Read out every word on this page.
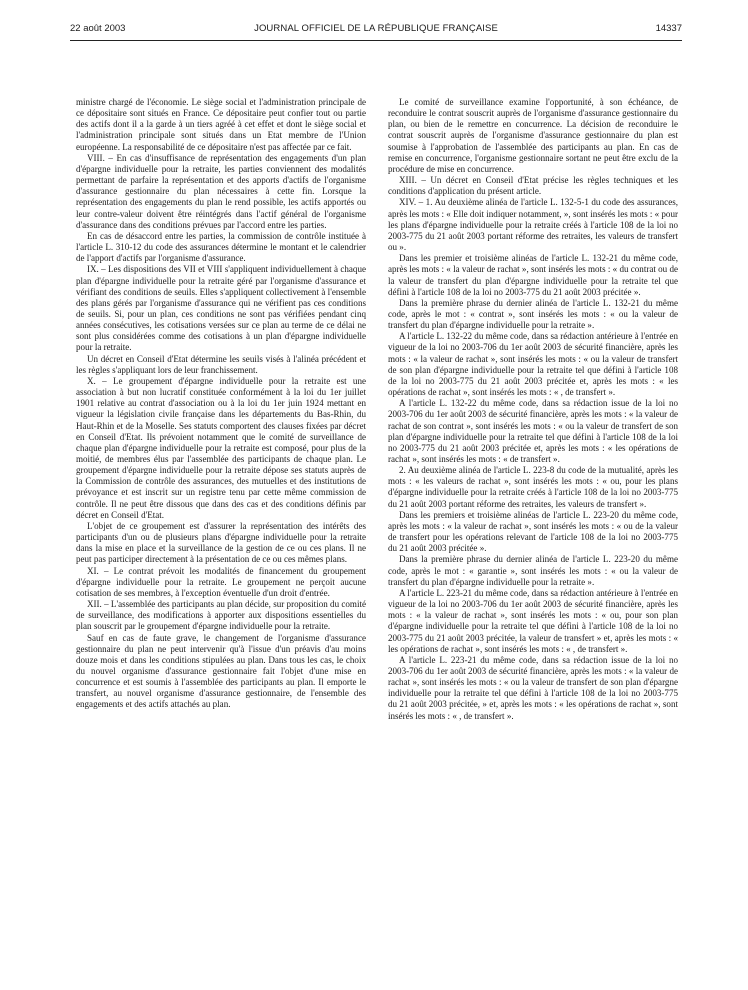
22 août 2003	JOURNAL OFFICIEL DE LA RÉPUBLIQUE FRANÇAISE	14337

ministre chargé de l'économie. Le siège social et l'administration principale de ce dépositaire sont situés en France. Ce dépositaire peut confier tout ou partie des actifs dont il a la garde à un tiers agréé à cet effet et dont le siège social et l'administration principale sont situés dans un Etat membre de l'Union européenne. La responsabilité de ce dépositaire n'est pas affectée par ce fait.

VIII. – En cas d'insuffisance de représentation des engagements d'un plan d'épargne individuelle pour la retraite, les parties conviennent des modalités permettant de parfaire la représentation et des apports d'actifs de l'organisme d'assurance gestionnaire du plan nécessaires à cette fin. Lorsque la représentation des engagements du plan le rend possible, les actifs apportés ou leur contre-valeur doivent être réintégrés dans l'actif général de l'organisme d'assurance dans des conditions prévues par l'accord entre les parties.

En cas de désaccord entre les parties, la commission de contrôle instituée à l'article L. 310-12 du code des assurances détermine le montant et le calendrier de l'apport d'actifs par l'organisme d'assurance.

IX. – Les dispositions des VII et VIII s'appliquent individuellement à chaque plan d'épargne individuelle pour la retraite géré par l'organisme d'assurance et vérifiant des conditions de seuils. Elles s'appliquent collectivement à l'ensemble des plans gérés par l'organisme d'assurance qui ne vérifient pas ces conditions de seuils. Si, pour un plan, ces conditions ne sont pas vérifiées pendant cinq années consécutives, les cotisations versées sur ce plan au terme de ce délai ne sont plus considérées comme des cotisations à un plan d'épargne individuelle pour la retraite.

Un décret en Conseil d'Etat détermine les seuils visés à l'alinéa précédent et les règles s'appliquant lors de leur franchissement.

X. – Le groupement d'épargne individuelle pour la retraite est une association à but non lucratif constituée conformément à la loi du 1er juillet 1901 relative au contrat d'association ou à la loi du 1er juin 1924 mettant en vigueur la législation civile française dans les départements du Bas-Rhin, du Haut-Rhin et de la Moselle. Ses statuts comportent des clauses fixées par décret en Conseil d'Etat. Ils prévoient notamment que le comité de surveillance de chaque plan d'épargne individuelle pour la retraite est composé, pour plus de la moitié, de membres élus par l'assemblée des participants de chaque plan. Le groupement d'épargne individuelle pour la retraite dépose ses statuts auprès de la Commission de contrôle des assurances, des mutuelles et des institutions de prévoyance et est inscrit sur un registre tenu par cette même commission de contrôle. Il ne peut être dissous que dans des cas et des conditions définis par décret en Conseil d'Etat.

L'objet de ce groupement est d'assurer la représentation des intérêts des participants d'un ou de plusieurs plans d'épargne individuelle pour la retraite dans la mise en place et la surveillance de la gestion de ce ou ces plans. Il ne peut pas participer directement à la présentation de ce ou ces mêmes plans.

XI. – Le contrat prévoit les modalités de financement du groupement d'épargne individuelle pour la retraite. Le groupement ne perçoit aucune cotisation de ses membres, à l'exception éventuelle d'un droit d'entrée.

XII. – L'assemblée des participants au plan décide, sur proposition du comité de surveillance, des modifications à apporter aux dispositions essentielles du plan souscrit par le groupement d'épargne individuelle pour la retraite.

Sauf en cas de faute grave, le changement de l'organisme d'assurance gestionnaire du plan ne peut intervenir qu'à l'issue d'un préavis d'au moins douze mois et dans les conditions stipulées au plan. Dans tous les cas, le choix du nouvel organisme d'assurance gestionnaire fait l'objet d'une mise en concurrence et est soumis à l'assemblée des participants au plan. Il emporte le transfert, au nouvel organisme d'assurance gestionnaire, de l'ensemble des engagements et des actifs attachés au plan.

Le comité de surveillance examine l'opportunité, à son échéance, de reconduire le contrat souscrit auprès de l'organisme d'assurance gestionnaire du plan, ou bien de le remettre en concurrence. La décision de reconduire le contrat souscrit auprès de l'organisme d'assurance gestionnaire du plan est soumise à l'approbation de l'assemblée des participants au plan. En cas de remise en concurrence, l'organisme gestionnaire sortant ne peut être exclu de la procédure de mise en concurrence.

XIII. – Un décret en Conseil d'Etat précise les règles techniques et les conditions d'application du présent article.

XIV. – 1. Au deuxième alinéa de l'article L. 132-5-1 du code des assurances, après les mots : « Elle doit indiquer notamment, », sont insérés les mots : « pour les plans d'épargne individuelle pour la retraite créés à l'article 108 de la loi no 2003-775 du 21 août 2003 portant réforme des retraites, les valeurs de transfert ou ».

Dans les premier et troisième alinéas de l'article L. 132-21 du même code, après les mots : « la valeur de rachat », sont insérés les mots : « du contrat ou de la valeur de transfert du plan d'épargne individuelle pour la retraite tel que défini à l'article 108 de la loi no 2003-775 du 21 août 2003 précitée ».

Dans la première phrase du dernier alinéa de l'article L. 132-21 du même code, après le mot : « contrat », sont insérés les mots : « ou la valeur de transfert du plan d'épargne individuelle pour la retraite ».

A l'article L. 132-22 du même code, dans sa rédaction antérieure à l'entrée en vigueur de la loi no 2003-706 du 1er août 2003 de sécurité financière, après les mots : « la valeur de rachat », sont insérés les mots : « ou la valeur de transfert de son plan d'épargne individuelle pour la retraite tel que défini à l'article 108 de la loi no 2003-775 du 21 août 2003 précitée et, après les mots : « les opérations de rachat », sont insérés les mots : « , de transfert ».

A l'article L. 132-22 du même code, dans sa rédaction issue de la loi no 2003-706 du 1er août 2003 de sécurité financière, après les mots : « la valeur de rachat de son contrat », sont insérés les mots : « ou la valeur de transfert de son plan d'épargne individuelle pour la retraite tel que défini à l'article 108 de la loi no 2003-775 du 21 août 2003 précitée et, après les mots : « les opérations de rachat », sont insérés les mots : « de transfert ».

2. Au deuxième alinéa de l'article L. 223-8 du code de la mutualité, après les mots : « les valeurs de rachat », sont insérés les mots : « ou, pour les plans d'épargne individuelle pour la retraite créés à l'article 108 de la loi no 2003-775 du 21 août 2003 portant réforme des retraites, les valeurs de transfert ».

Dans les premiers et troisième alinéas de l'article L. 223-20 du même code, après les mots : « la valeur de rachat », sont insérés les mots : « ou de la valeur de transfert pour les opérations relevant de l'article 108 de la loi no 2003-775 du 21 août 2003 précitée ».

Dans la première phrase du dernier alinéa de l'article L. 223-20 du même code, après le mot : « garantie », sont insérés les mots : « ou la valeur de transfert du plan d'épargne individuelle pour la retraite ».

A l'article L. 223-21 du même code, dans sa rédaction antérieure à l'entrée en vigueur de la loi no 2003-706 du 1er août 2003 de sécurité financière, après les mots : « la valeur de rachat », sont insérés les mots : « ou, pour son plan d'épargne individuelle pour la retraite tel que défini à l'article 108 de la loi no 2003-775 du 21 août 2003 précitée, la valeur de transfert » et, après les mots : « les opérations de rachat », sont insérés les mots : « , de transfert ».

A l'article L. 223-21 du même code, dans sa rédaction issue de la loi no 2003-706 du 1er août 2003 de sécurité financière, après les mots : « la valeur de rachat », sont insérés les mots : « ou la valeur de transfert de son plan d'épargne individuelle pour la retraite tel que défini à l'article 108 de la loi no 2003-775 du 21 août 2003 précitée, » et, après les mots : « les opérations de rachat », sont insérés les mots : « , de transfert ».
